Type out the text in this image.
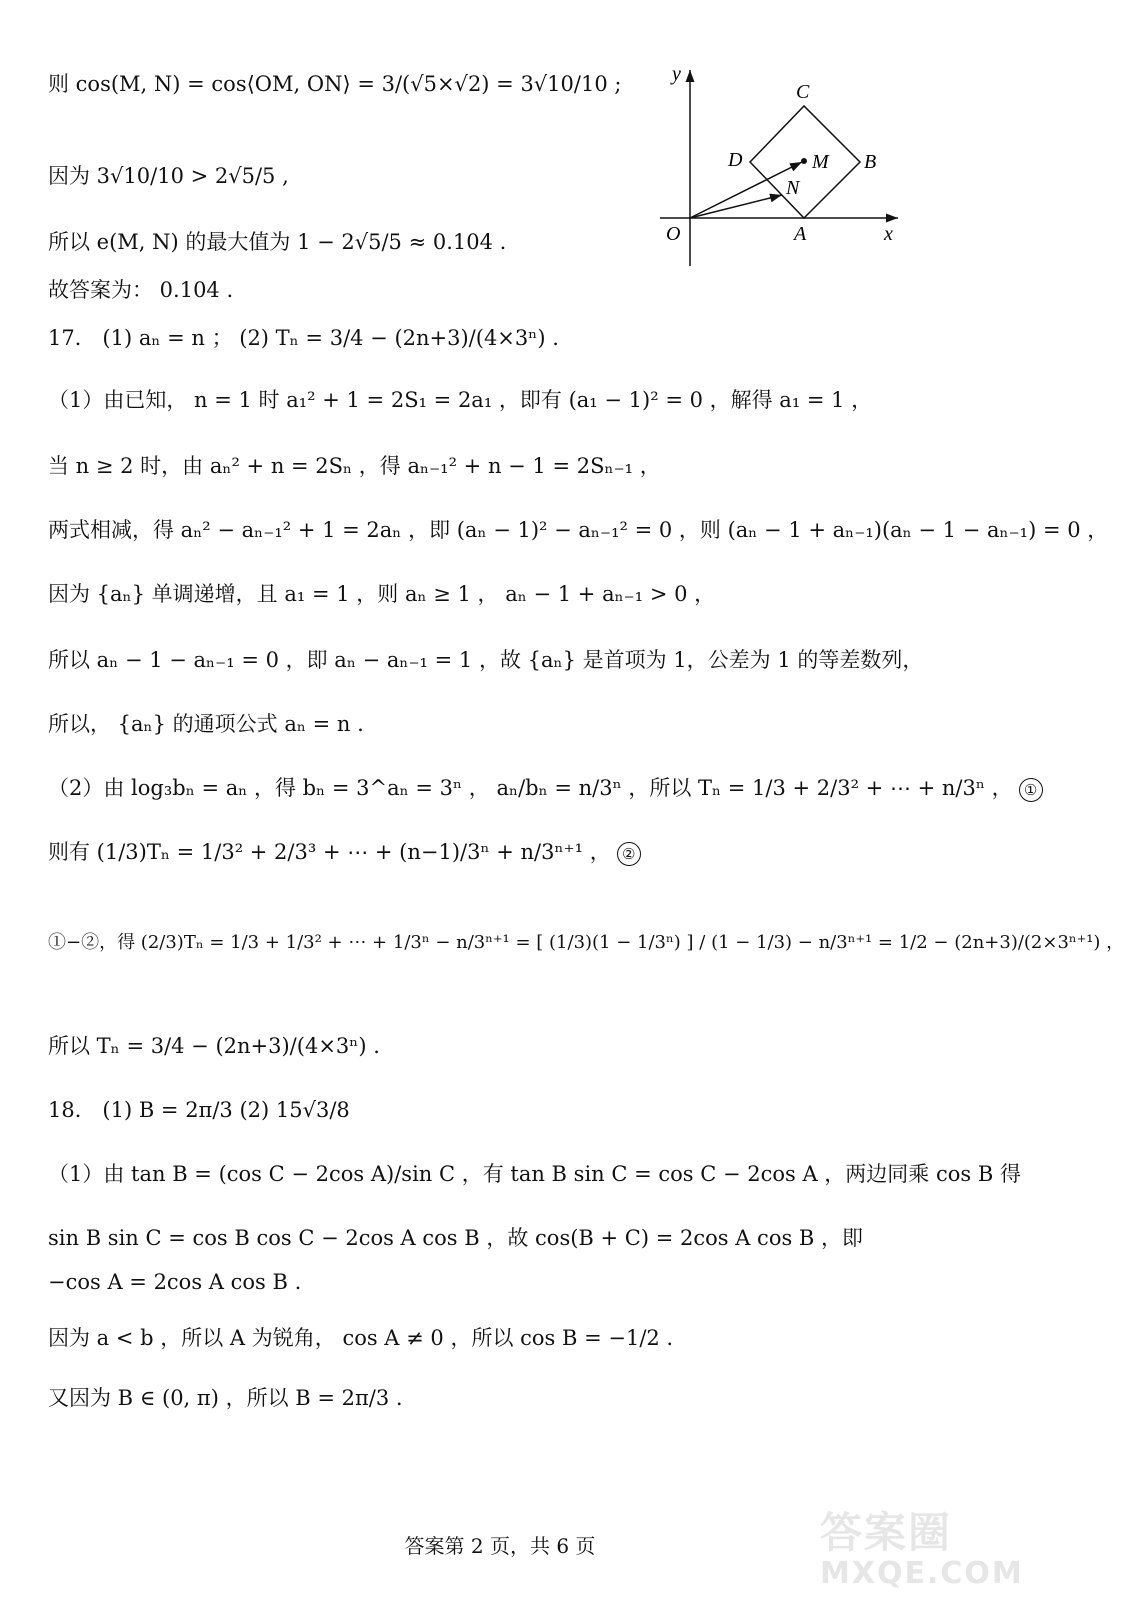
则 cos(M, N) = cos⟨OM, ON⟩ = 3/(√5×√2) = 3√10/10 ;
因为 3√10/10 > 2√5/5 ,
所以 e(M, N) 的最大值为 1 − 2√5/5 ≈ 0.104 .
故答案为： 0.104 .
17． (1) aₙ = n ； (2) Tₙ = 3/4 − (2n+3)/(4×3ⁿ) .
（1）由已知， n = 1 时 a₁² + 1 = 2S₁ = 2a₁ ，即有 (a₁ − 1)² = 0 ，解得 a₁ = 1 ，
当 n ≥ 2 时，由 aₙ² + n = 2Sₙ ，得 aₙ₋₁² + n − 1 = 2Sₙ₋₁ ，
两式相减，得 aₙ² − aₙ₋₁² + 1 = 2aₙ ，即 (aₙ − 1)² − aₙ₋₁² = 0 ，则 (aₙ − 1 + aₙ₋₁)(aₙ − 1 − aₙ₋₁) = 0 ，
因为 {aₙ} 单调递增，且 a₁ = 1 ，则 aₙ ≥ 1 ， aₙ − 1 + aₙ₋₁ > 0 ，
所以 aₙ − 1 − aₙ₋₁ = 0 ，即 aₙ − aₙ₋₁ = 1 ，故 {aₙ} 是首项为 1，公差为 1 的等差数列，
所以， {aₙ} 的通项公式 aₙ = n .
（2）由 log₃bₙ = aₙ ，得 bₙ = 3^aₙ = 3ⁿ ， aₙ/bₙ = n/3ⁿ ，所以 Tₙ = 1/3 + 2/3² + ⋯ + n/3ⁿ ， ①
则有 (1/3)Tₙ = 1/3² + 2/3³ + ⋯ + (n−1)/3ⁿ + n/3ⁿ⁺¹ ， ②
①−②，得 (2/3)Tₙ = 1/3 + 1/3² + ⋯ + 1/3ⁿ − n/3ⁿ⁺¹ = [ (1/3)(1 − 1/3ⁿ) ] / (1 − 1/3) − n/3ⁿ⁺¹ = 1/2 − (2n+3)/(2×3ⁿ⁺¹) ，
所以 Tₙ = 3/4 − (2n+3)/(4×3ⁿ) .
18． (1) B = 2π/3 (2) 15√3/8
（1）由 tan B = (cos C − 2cos A)/sin C ，有 tan B sin C = cos C − 2cos A ，两边同乘 cos B 得
sin B sin C = cos B cos C − 2cos A cos B ，故 cos(B + C) = 2cos A cos B ，即
−cos A = 2cos A cos B .
因为 a < b ，所以 A 为锐角， cos A ≠ 0 ，所以 cos B = −1/2 .
又因为 B ∈ (0, π) ，所以 B = 2π/3 .
y
x
O	A
B
C
D	M
N
答案第 2 页，共 6 页	答案圈
MXQE.COM
